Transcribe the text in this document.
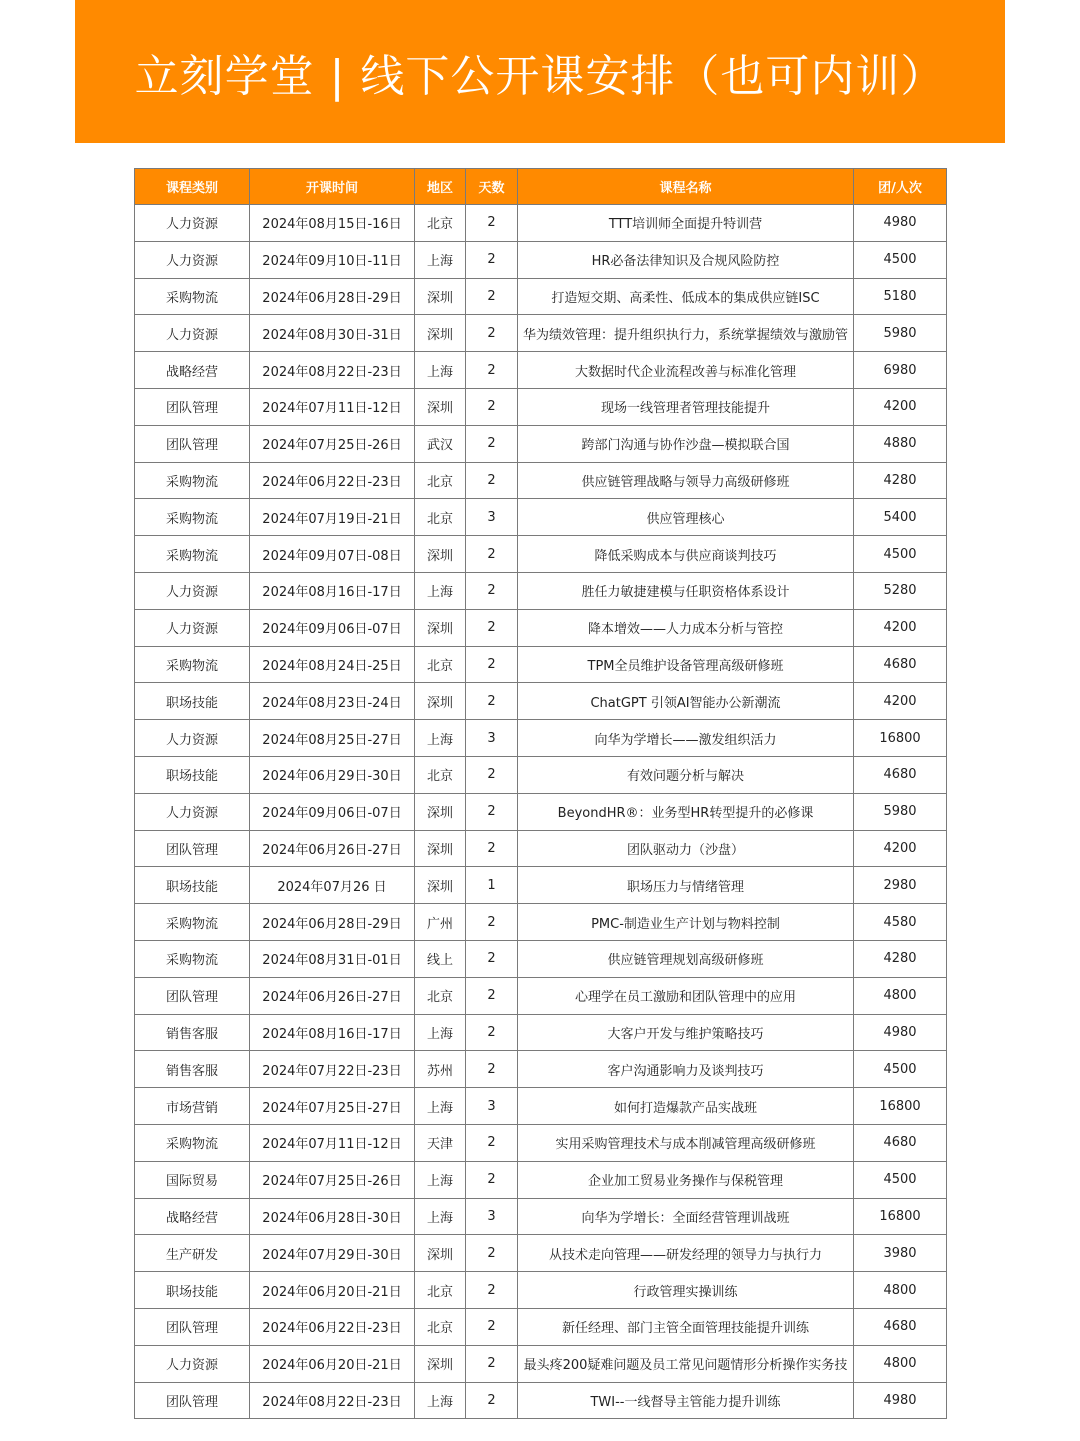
立刻学堂 | 线下公开课安排（也可内训）
课程类别	开课时间	地区	天数	课程名称	团/人次
人力资源	2024年08月15日-16日	北京	2	TTT培训师全面提升特训营	4980
人力资源	2024年09月10日-11日	上海	2	HR必备法律知识及合规风险防控	4500
采购物流	2024年06月28日-29日	深圳	2	打造短交期、高柔性、低成本的集成供应链ISC	5180
人力资源	2024年08月30日-31日	深圳	2	华为绩效管理：提升组织执行力，系统掌握绩效与激励管	5980
战略经营	2024年08月22日-23日	上海	2	大数据时代企业流程改善与标准化管理	6980
团队管理	2024年07月11日-12日	深圳	2	现场一线管理者管理技能提升	4200
团队管理	2024年07月25日-26日	武汉	2	跨部门沟通与协作沙盘—模拟联合国	4880
采购物流	2024年06月22日-23日	北京	2	供应链管理战略与领导力高级研修班	4280
采购物流	2024年07月19日-21日	北京	3	供应管理核心	5400
采购物流	2024年09月07日-08日	深圳	2	降低采购成本与供应商谈判技巧	4500
人力资源	2024年08月16日-17日	上海	2	胜任力敏捷建模与任职资格体系设计	5280
人力资源	2024年09月06日-07日	深圳	2	降本增效——人力成本分析与管控	4200
采购物流	2024年08月24日-25日	北京	2	TPM全员维护设备管理高级研修班	4680
职场技能	2024年08月23日-24日	深圳	2	ChatGPT 引领AI智能办公新潮流	4200
人力资源	2024年08月25日-27日	上海	3	向华为学增长——激发组织活力	16800
职场技能	2024年06月29日-30日	北京	2	有效问题分析与解决	4680
人力资源	2024年09月06日-07日	深圳	2	BeyondHR®：业务型HR转型提升的必修课	5980
团队管理	2024年06月26日-27日	深圳	2	团队驱动力（沙盘）	4200
职场技能	2024年07月26 日	深圳	1	职场压力与情绪管理	2980
采购物流	2024年06月28日-29日	广州	2	PMC-制造业生产计划与物料控制	4580
采购物流	2024年08月31日-01日	线上	2	供应链管理规划高级研修班	4280
团队管理	2024年06月26日-27日	北京	2	心理学在员工激励和团队管理中的应用	4800
销售客服	2024年08月16日-17日	上海	2	大客户开发与维护策略技巧	4980
销售客服	2024年07月22日-23日	苏州	2	客户沟通影响力及谈判技巧	4500
市场营销	2024年07月25日-27日	上海	3	如何打造爆款产品实战班	16800
采购物流	2024年07月11日-12日	天津	2	实用采购管理技术与成本削减管理高级研修班	4680
国际贸易	2024年07月25日-26日	上海	2	企业加工贸易业务操作与保税管理	4500
战略经营	2024年06月28日-30日	上海	3	向华为学增长：全面经营管理训战班	16800
生产研发	2024年07月29日-30日	深圳	2	从技术走向管理——研发经理的领导力与执行力	3980
职场技能	2024年06月20日-21日	北京	2	行政管理实操训练	4800
团队管理	2024年06月22日-23日	北京	2	新任经理、部门主管全面管理技能提升训练	4680
人力资源	2024年06月20日-21日	深圳	2	最头疼200疑难问题及员工常见问题情形分析操作实务技	4800
团队管理	2024年08月22日-23日	上海	2	TWI--一线督导主管能力提升训练	4980
